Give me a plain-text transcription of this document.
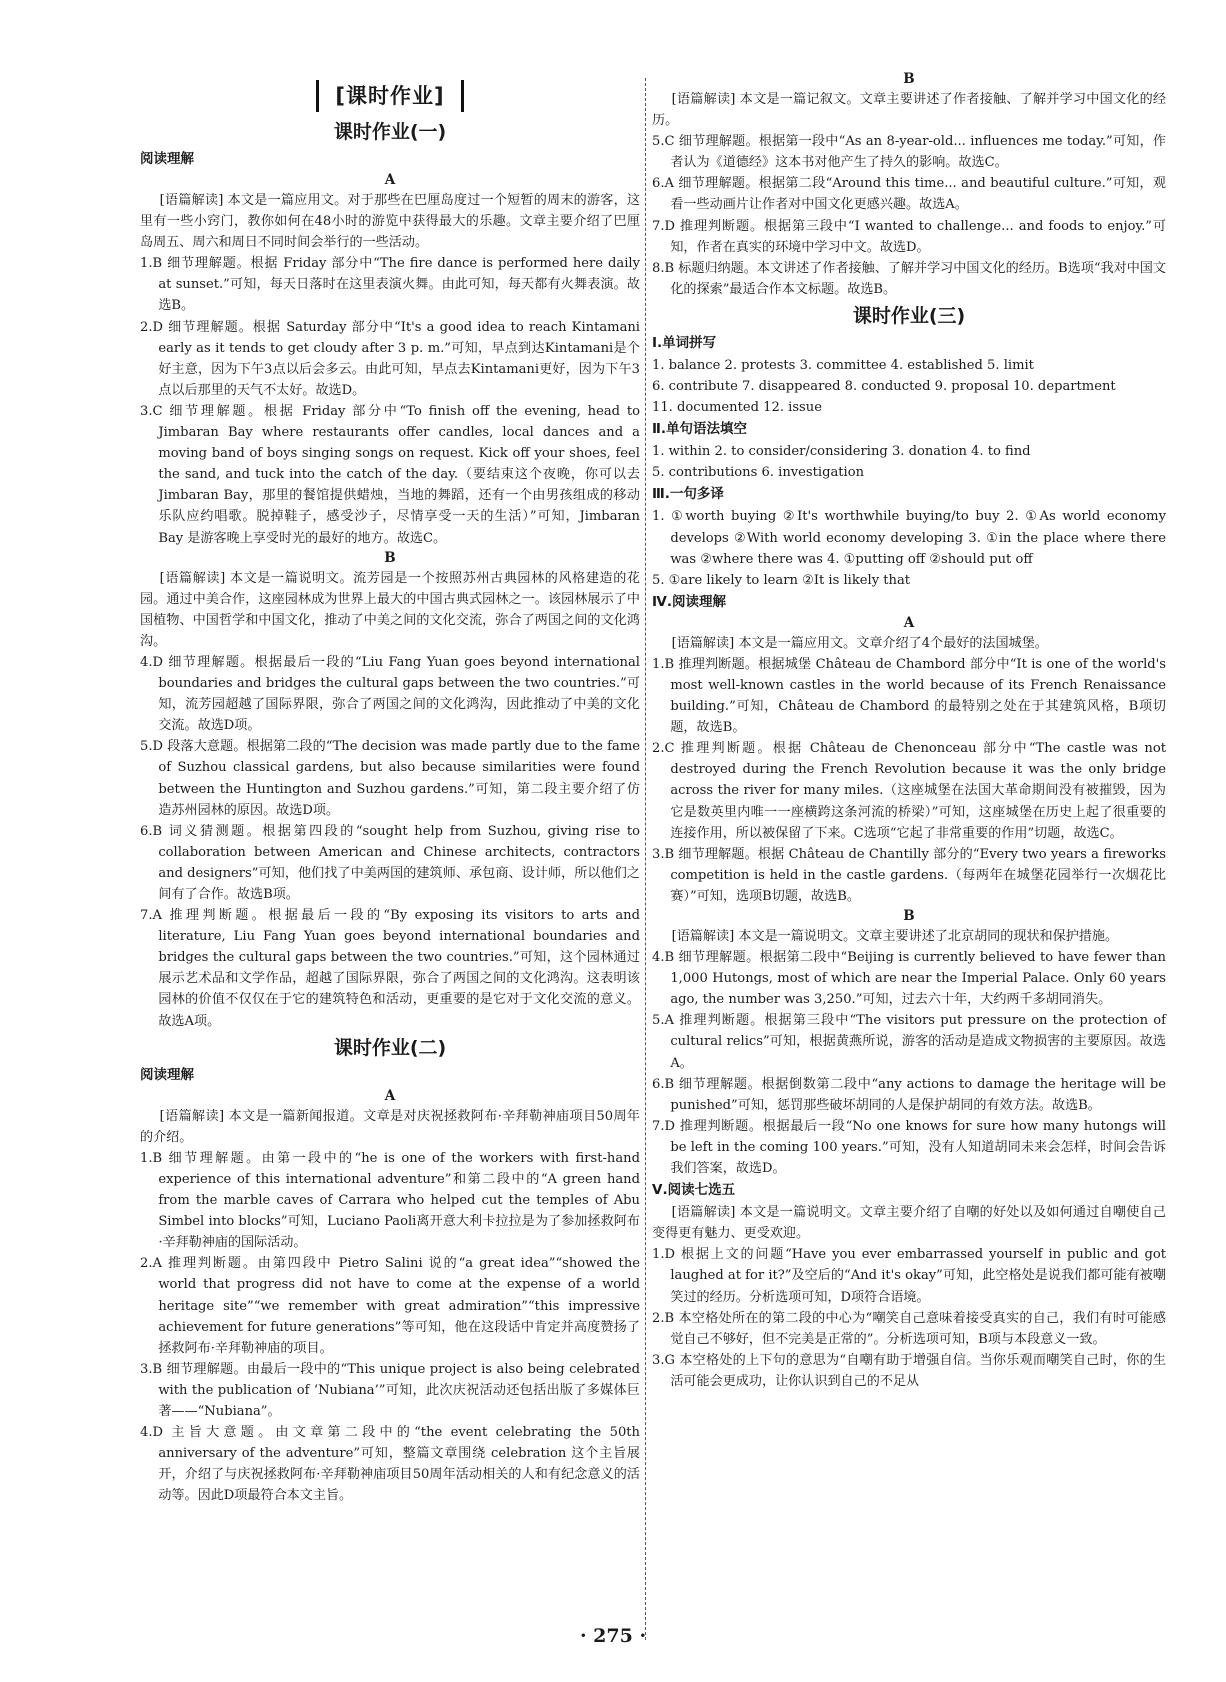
[课时作业]
课时作业(一)
阅读理解
A

[语篇解读] 本文是一篇应用文。对于那些在巴厘岛度过一个短暂的周末的游客，这里有一些小窍门，教你如何在48小时的游览中获得最大的乐趣。文章主要介绍了巴厘岛周五、周六和周日不同时间会举行的一些活动。

1.B 细节理解题。根据 Friday 部分中“The fire dance is performed here daily at sunset.”可知，每天日落时在这里表演火舞。由此可知，每天都有火舞表演。故选B。

2.D 细节理解题。根据 Saturday 部分中“It's a good idea to reach Kintamani early as it tends to get cloudy after 3 p. m.”可知，早点到达Kintamani是个好主意，因为下午3点以后会多云。由此可知，早点去Kintamani更好，因为下午3点以后那里的天气不太好。故选D。

3.C 细节理解题。根据 Friday 部分中“To finish off the evening, head to Jimbaran Bay where restaurants offer candles, local dances and a moving band of boys singing songs on request. Kick off your shoes, feel the sand, and tuck into the catch of the day.（要结束这个夜晚，你可以去Jimbaran Bay，那里的餐馆提供蜡烛，当地的舞蹈，还有一个由男孩组成的移动乐队应约唱歌。脱掉鞋子，感受沙子，尽情享受一天的生活）”可知，Jimbaran Bay 是游客晚上享受时光的最好的地方。故选C。

B

[语篇解读] 本文是一篇说明文。流芳园是一个按照苏州古典园林的风格建造的花园。通过中美合作，这座园林成为世界上最大的中国古典式园林之一。该园林展示了中国植物、中国哲学和中国文化，推动了中美之间的文化交流，弥合了两国之间的文化鸿沟。

4.D 细节理解题。根据最后一段的“Liu Fang Yuan goes beyond international boundaries and bridges the cultural gaps between the two countries.”可知，流芳园超越了国际界限，弥合了两国之间的文化鸿沟，因此推动了中美的文化交流。故选D项。

5.D 段落大意题。根据第二段的“The decision was made partly due to the fame of Suzhou classical gardens, but also because similarities were found between the Huntington and Suzhou gardens.”可知，第二段主要介绍了仿造苏州园林的原因。故选D项。

6.B 词义猜测题。根据第四段的“sought help from Suzhou, giving rise to collaboration between American and Chinese architects, contractors and designers”可知，他们找了中美两国的建筑师、承包商、设计师，所以他们之间有了合作。故选B项。

7.A 推理判断题。根据最后一段的“By exposing its visitors to arts and literature, Liu Fang Yuan goes beyond international boundaries and bridges the cultural gaps between the two countries.”可知，这个园林通过展示艺术品和文学作品，超越了国际界限，弥合了两国之间的文化鸿沟。这表明该园林的价值不仅仅在于它的建筑特色和活动，更重要的是它对于文化交流的意义。故选A项。

课时作业(二)
阅读理解
A

[语篇解读] 本文是一篇新闻报道。文章是对庆祝拯救阿布·辛拜勒神庙项目50周年的介绍。

1.B 细节理解题。由第一段中的“he is one of the workers with first-hand experience of this international adventure”和第二段中的“A green hand from the marble caves of Carrara who helped cut the temples of Abu Simbel into blocks”可知，Luciano Paoli离开意大利卡拉拉是为了参加拯救阿布·辛拜勒神庙的国际活动。

2.A 推理判断题。由第四段中 Pietro Salini 说的“a great idea”“showed the world that progress did not have to come at the expense of a world heritage site”“we remember with great admiration”“this impressive achievement for future generations”等可知，他在这段话中肯定并高度赞扬了拯救阿布·辛拜勒神庙的项目。

3.B 细节理解题。由最后一段中的“This unique project is also being celebrated with the publication of ‘Nubiana’”可知，此次庆祝活动还包括出版了多媒体巨著——“Nubiana”。

4.D 主旨大意题。由文章第二段中的“the event celebrating the 50th anniversary of the adventure”可知，整篇文章围绕 celebration 这个主旨展开，介绍了与庆祝拯救阿布·辛拜勒神庙项目50周年活动相关的人和有纪念意义的活动等。因此D项最符合本文主旨。

B

[语篇解读] 本文是一篇记叙文。文章主要讲述了作者接触、了解并学习中国文化的经历。

5.C 细节理解题。根据第一段中“As an 8-year-old... influences me today.”可知，作者认为《道德经》这本书对他产生了持久的影响。故选C。

6.A 细节理解题。根据第二段“Around this time... and beautiful culture.”可知，观看一些动画片让作者对中国文化更感兴趣。故选A。

7.D 推理判断题。根据第三段中“I wanted to challenge... and foods to enjoy.”可知，作者在真实的环境中学习中文。故选D。

8.B 标题归纳题。本文讲述了作者接触、了解并学习中国文化的经历。B选项“我对中国文化的探索”最适合作本文标题。故选B。

课时作业(三)
Ⅰ.单词拼写

1. balance 2. protests 3. committee 4. established 5. limit

6. contribute 7. disappeared 8. conducted 9. proposal 10. department

11. documented 12. issue

Ⅱ.单句语法填空

1. within 2. to consider/considering 3. donation 4. to find

5. contributions 6. investigation

Ⅲ.一句多译

1. ①worth buying ②It's worthwhile buying/to buy 2. ①As world economy develops ②With world economy developing 3. ①in the place where there was ②where there was 4. ①putting off ②should put off

5. ①are likely to learn ②It is likely that

Ⅳ.阅读理解
A

[语篇解读] 本文是一篇应用文。文章介绍了4个最好的法国城堡。

1.B 推理判断题。根据城堡 Château de Chambord 部分中“It is one of the world's most well-known castles in the world because of its French Renaissance building.”可知，Château de Chambord 的最特别之处在于其建筑风格，B项切题，故选B。

2.C 推理判断题。根据 Château de Chenonceau 部分中“The castle was not destroyed during the French Revolution because it was the only bridge across the river for many miles.（这座城堡在法国大革命期间没有被摧毁，因为它是数英里内唯一一座横跨这条河流的桥梁）”可知，这座城堡在历史上起了很重要的连接作用，所以被保留了下来。C选项“它起了非常重要的作用”切题，故选C。

3.B 细节理解题。根据 Château de Chantilly 部分的“Every two years a fireworks competition is held in the castle gardens.（每两年在城堡花园举行一次烟花比赛）”可知，选项B切题，故选B。

B

[语篇解读] 本文是一篇说明文。文章主要讲述了北京胡同的现状和保护措施。

4.B 细节理解题。根据第二段中“Beijing is currently believed to have fewer than 1,000 Hutongs, most of which are near the Imperial Palace. Only 60 years ago, the number was 3,250.”可知，过去六十年，大约两千多胡同消失。

5.A 推理判断题。根据第三段中“The visitors put pressure on the protection of cultural relics”可知，根据黄燕所说，游客的活动是造成文物损害的主要原因。故选A。

6.B 细节理解题。根据倒数第二段中“any actions to damage the heritage will be punished”可知，惩罚那些破坏胡同的人是保护胡同的有效方法。故选B。

7.D 推理判断题。根据最后一段“No one knows for sure how many hutongs will be left in the coming 100 years.”可知，没有人知道胡同未来会怎样，时间会告诉我们答案，故选D。

Ⅴ.阅读七选五

[语篇解读] 本文是一篇说明文。文章主要介绍了自嘲的好处以及如何通过自嘲使自己变得更有魅力、更受欢迎。

1.D 根据上文的问题“Have you ever embarrassed yourself in public and got laughed at for it?”及空后的“And it's okay”可知，此空格处是说我们都可能有被嘲笑过的经历。分析选项可知，D项符合语境。

2.B 本空格处所在的第二段的中心为“嘲笑自己意味着接受真实的自己，我们有时可能感觉自己不够好，但不完美是正常的”。分析选项可知，B项与本段意义一致。

3.G 本空格处的上下句的意思为“自嘲有助于增强自信。当你乐观而嘲笑自己时，你的生活可能会更成功，让你认识到自己的不足从

· 275 ·
